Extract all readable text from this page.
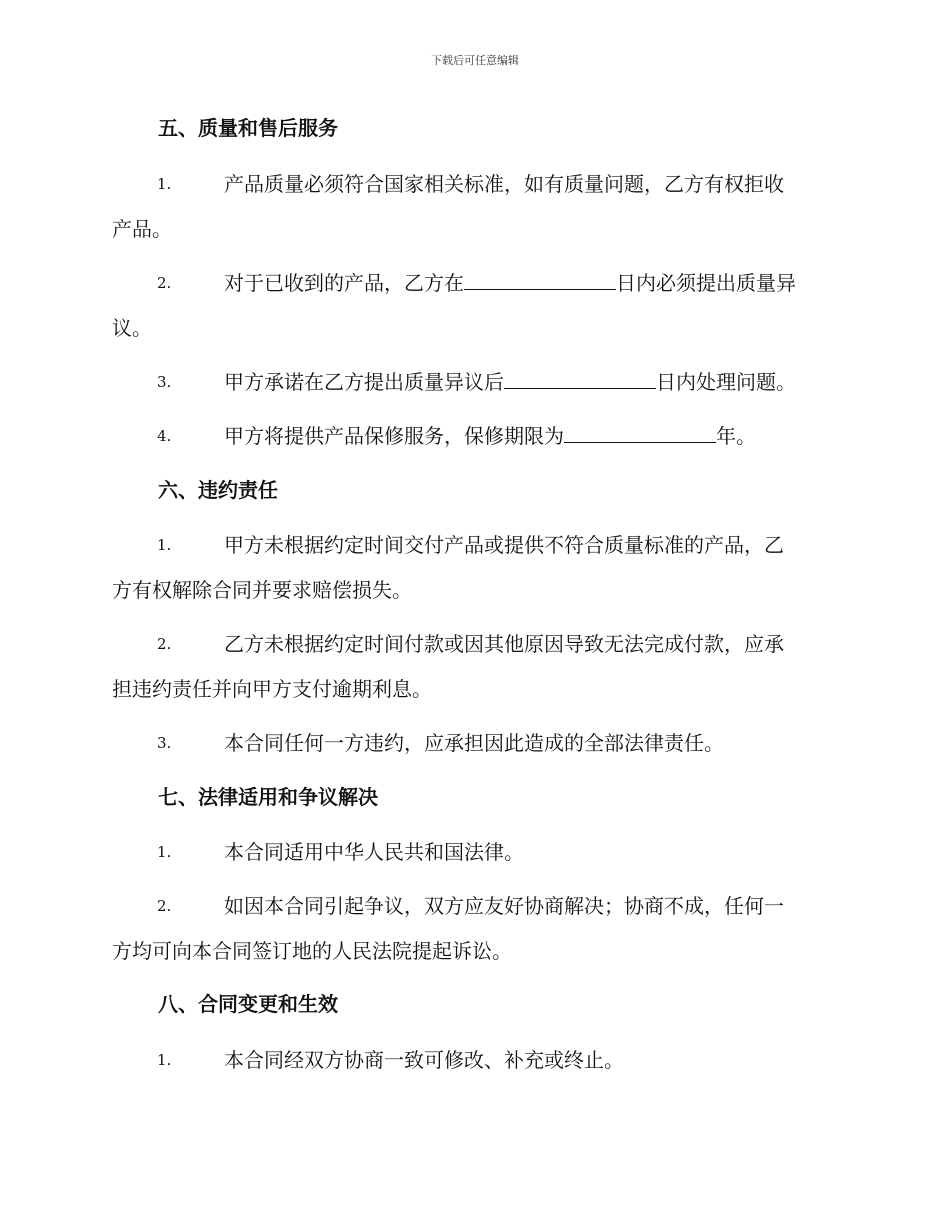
下载后可任意编辑
五、质量和售后服务
1.	产品质量必须符合国家相关标准，如有质量问题，乙方有权拒收
产品。
2.	对于已收到的产品，乙方在	日内必须提出质量异
议。
3.	甲方承诺在乙方提出质量异议后	日内处理问题。
4.	甲方将提供产品保修服务，保修期限为	年。
六、违约责任
1.	甲方未根据约定时间交付产品或提供不符合质量标准的产品，乙
方有权解除合同并要求赔偿损失。
2.	乙方未根据约定时间付款或因其他原因导致无法完成付款，应承
担违约责任并向甲方支付逾期利息。
3.	本合同任何一方违约，应承担因此造成的全部法律责任。
七、法律适用和争议解决
1.	本合同适用中华人民共和国法律。
2.	如因本合同引起争议，双方应友好协商解决；协商不成，任何一
方均可向本合同签订地的人民法院提起诉讼。
八、合同变更和生效
1.	本合同经双方协商一致可修改、补充或终止。
